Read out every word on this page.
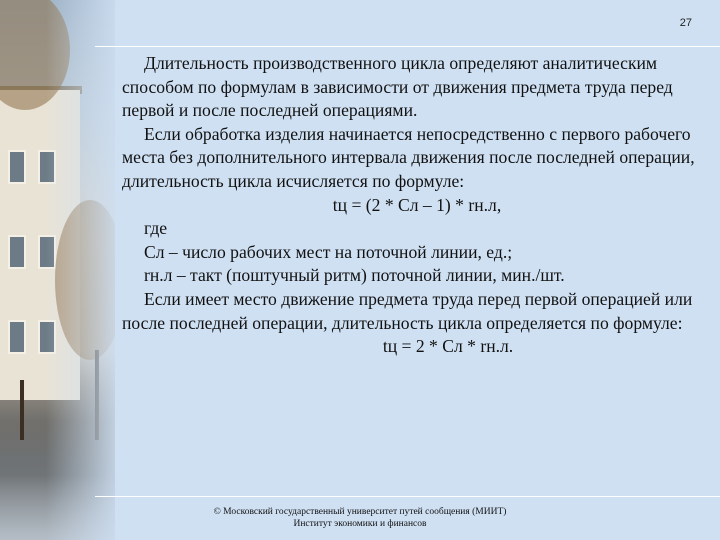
27

Длительность производственного цикла определяют аналитическим способом по формулам в зависимости от движения предмета труда перед первой и после последней операциями.

Если обработка изделия начинается непосредственно с первого рабочего места без дополнительного интервала движения после последней операции, длительность цикла исчисляется по формуле:

tц = (2 * Сл – 1) * rн.л,

где

Сл – число рабочих мест на поточной линии, ед.;

rн.л – такт (поштучный ритм) поточной линии, мин./шт.

Если имеет место движение предмета труда перед первой операцией или после последней операции, длительность цикла определяется по формуле:

tц = 2 * Сл * rн.л.

© Московский государственный университет путей сообщения (МИИТ)
Институт экономики и финансов
